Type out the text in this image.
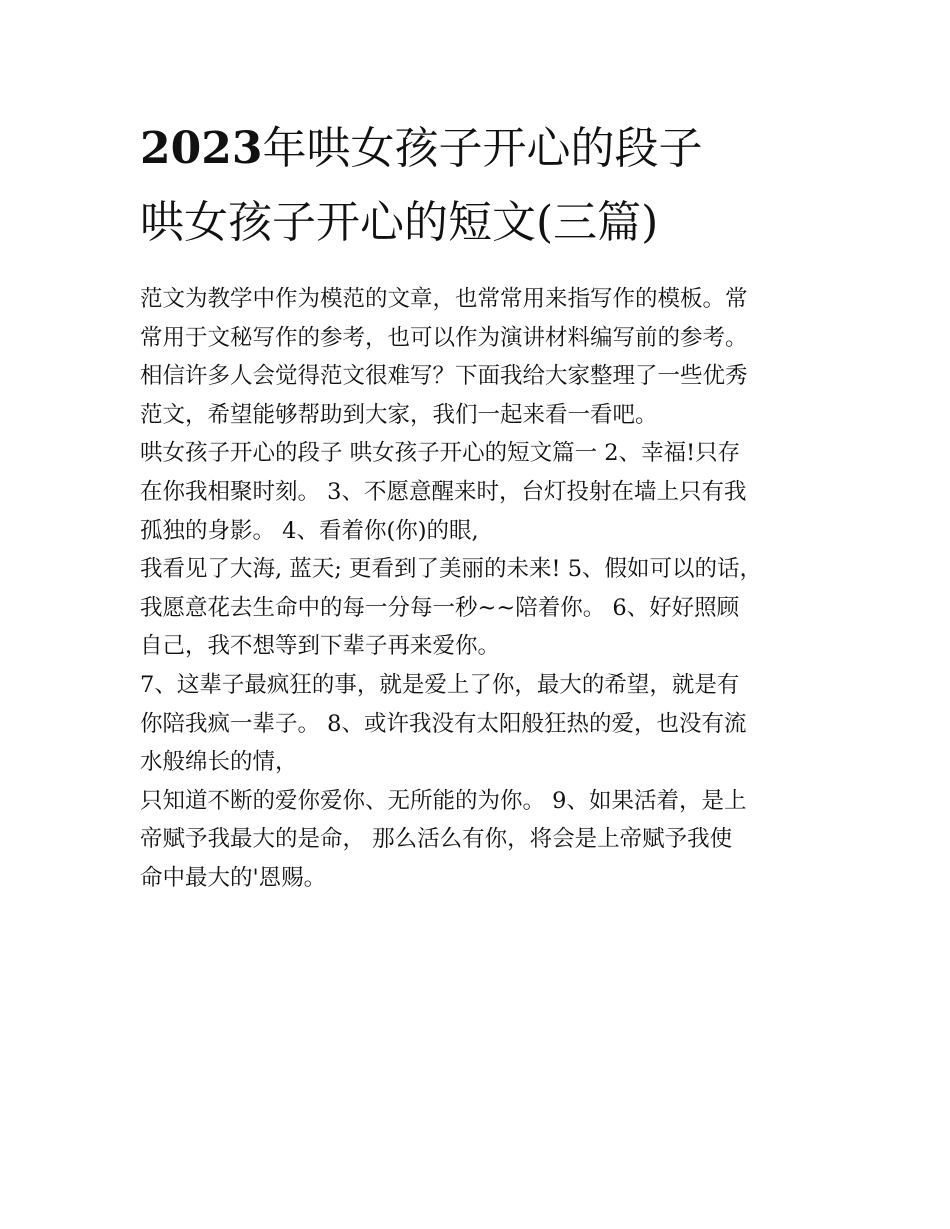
2023年哄女孩子开心的段子
哄女孩子开心的短文(三篇)
范文为教学中作为模范的文章，也常常用来指写作的模板。常
常用于文秘写作的参考，也可以作为演讲材料编写前的参考。
相信许多人会觉得范文很难写？下面我给大家整理了一些优秀
范文，希望能够帮助到大家，我们一起来看一看吧。
哄女孩子开心的段子 哄女孩子开心的短文篇一 2、幸福!只存
在你我相聚时刻。 3、不愿意醒来时，台灯投射在墙上只有我
孤独的身影。 4、看着你(你)的眼,
我看见了大海, 蓝天; 更看到了美丽的未来! 5、假如可以的话，
我愿意花去生命中的每一分每一秒~~陪着你。 6、好好照顾
自己，我不想等到下辈子再来爱你。
7、这辈子最疯狂的事，就是爱上了你，最大的希望，就是有
你陪我疯一辈子。 8、或许我没有太阳般狂热的爱，也没有流
水般绵长的情，
只知道不断的爱你爱你、无所能的为你。 9、如果活着，是上
帝赋予我最大的是命， 那么活么有你，将会是上帝赋予我使
命中最大的'恩赐。
